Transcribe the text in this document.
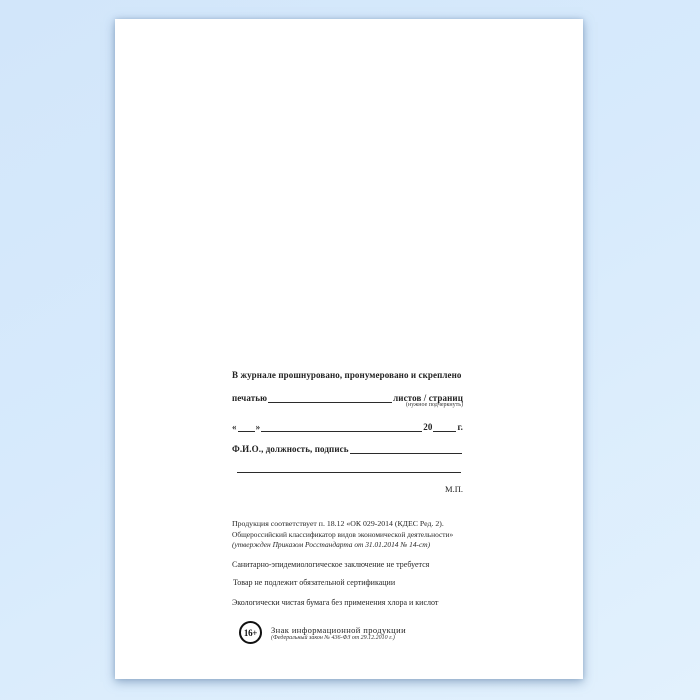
В журнале прошнуровано, пронумеровано и скреплено
печатью	листов / страниц
(нужное подчеркнуть)
« »	20	г.
Ф.И.О., должность, подпись
М.П.
Продукция соответствует п. 18.12 «ОК 029-2014 (КДЕС Ред. 2).
Общероссийский классификатор видов экономической деятельности»
(утвержден Приказом Росстандарта от 31.01.2014 № 14-ст)
Санитарно-эпидемиологическое заключение не требуется
Товар не подлежит обязательной сертификации
Экологически чистая бумага без применения хлора и кислот
16+ Знак информационной продукции
(Федеральный закон № 436-ФЗ от 29.12.2010 г.)
